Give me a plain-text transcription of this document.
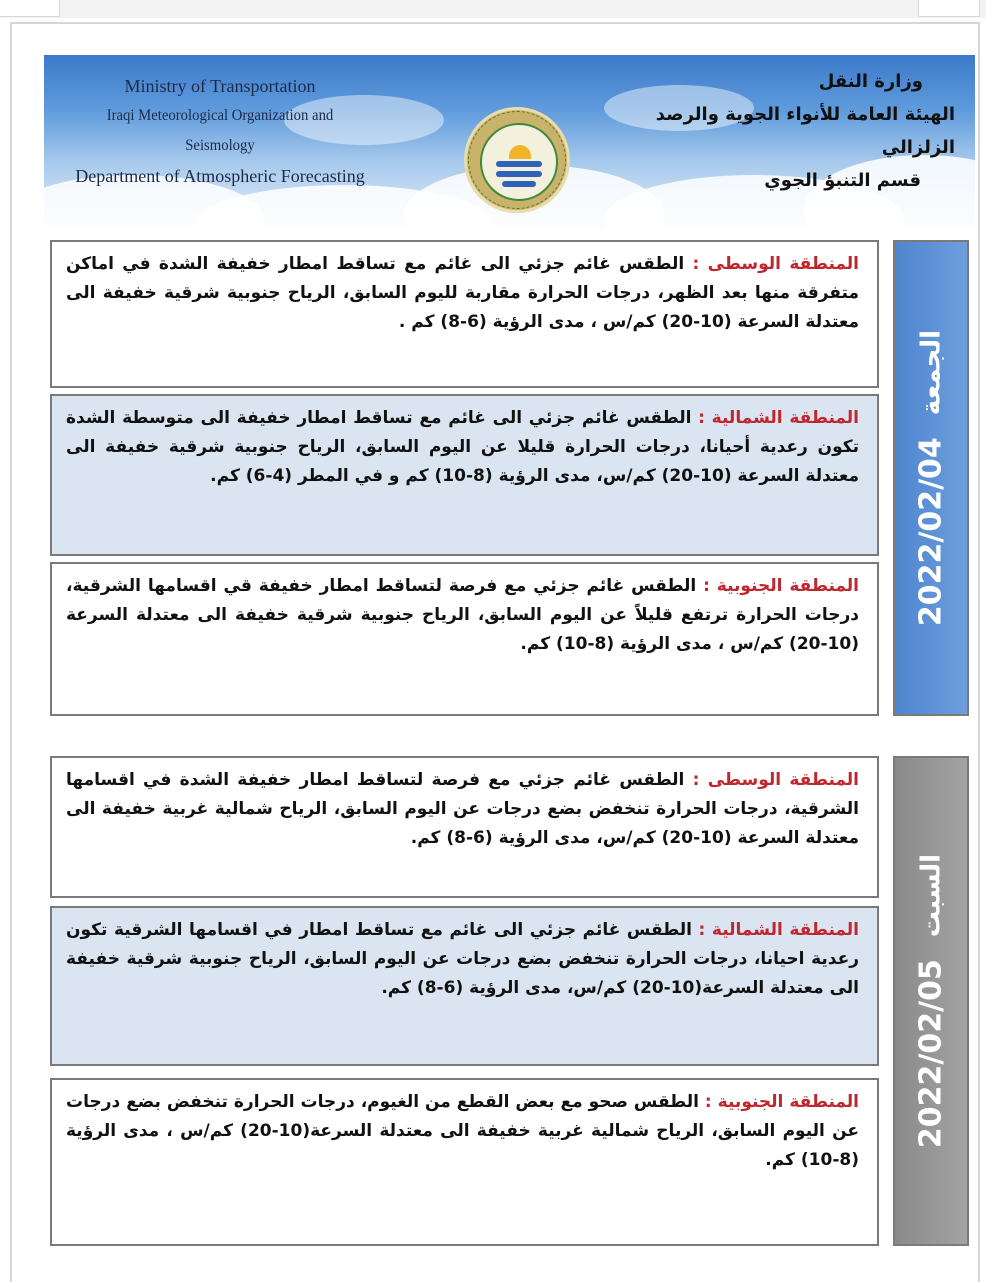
Ministry of Transportation
Iraqi Meteorological Organization and Seismology
Department of Atmospheric Forecasting
وزارة النقل
الهيئة العامة للأنواء الجوية والرصد الزلزالي
قسم التنبؤ الجوي
المنطقة الوسطى : الطقس غائم جزئي الى غائم مع تساقط امطار خفيفة الشدة في اماكن متفرقة منها بعد الظهر، درجات الحرارة مقاربة لليوم السابق، الرياح جنوبية شرقية خفيفة الى معتدلة السرعة (10-20) كم/س ، مدى الرؤية (6-8) كم .
المنطقة الشمالية : الطقس غائم جزئي الى غائم مع تساقط امطار خفيفة الى متوسطة الشدة تكون رعدية أحيانا، درجات الحرارة قليلا عن اليوم السابق، الرياح جنوبية شرقية خفيفة الى معتدلة السرعة (10-20) كم/س، مدى الرؤية (8-10) كم و في المطر (4-6) كم.
المنطقة الجنوبية : الطقس غائم جزئي مع فرصة لتساقط امطار خفيفة قي اقسامها الشرقية، درجات الحرارة ترتفع قليلاً عن اليوم السابق، الرياح جنوبية شرقية خفيفة الى معتدلة السرعة (10-20) كم/س ، مدى الرؤية (8-10) كم.
2022/02/04
الجمعة
المنطقة الوسطى : الطقس غائم جزئي مع فرصة لتساقط امطار خفيفة الشدة في اقسامها الشرقية، درجات الحرارة تنخفض بضع درجات عن اليوم السابق، الرياح شمالية غربية خفيفة الى معتدلة السرعة (10-20) كم/س، مدى الرؤية (6-8) كم.
المنطقة الشمالية : الطقس غائم جزئي الى غائم مع تساقط امطار في اقسامها الشرقية تكون رعدية احيانا، درجات الحرارة تنخفض بضع درجات عن اليوم السابق، الرياح جنوبية شرقية خفيفة الى معتدلة السرعة(10-20) كم/س، مدى الرؤية (6-8) كم.
المنطقة الجنوبية : الطقس صحو مع بعض القطع من الغيوم، درجات الحرارة تنخفض بضع درجات عن اليوم السابق، الرياح شمالية غربية خفيفة الى معتدلة السرعة(10-20) كم/س ، مدى الرؤية (8-10) كم.
2022/02/05
السبت
